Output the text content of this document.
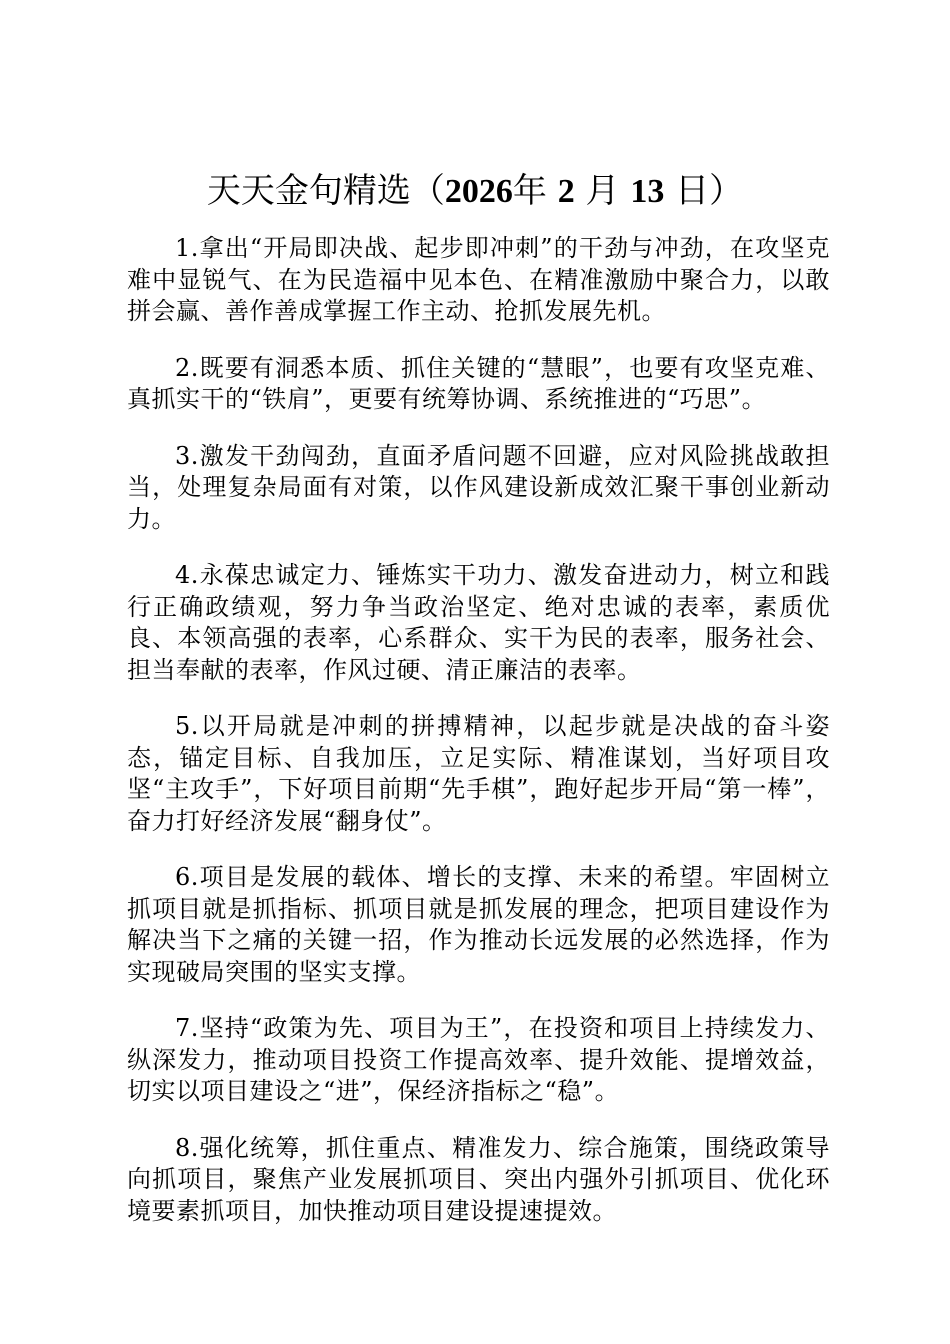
天天金句精选（2026年 2 月 13 日）

1.拿出“开局即决战、起步即冲刺”的干劲与冲劲，在攻坚克难中显锐气、在为民造福中见本色、在精准激励中聚合力，以敢拼会赢、善作善成掌握工作主动、抢抓发展先机。

2.既要有洞悉本质、抓住关键的“慧眼”，也要有攻坚克难、真抓实干的“铁肩”，更要有统筹协调、系统推进的“巧思”。

3.激发干劲闯劲，直面矛盾问题不回避，应对风险挑战敢担当，处理复杂局面有对策，以作风建设新成效汇聚干事创业新动力。

4.永葆忠诚定力、锤炼实干功力、激发奋进动力，树立和践行正确政绩观，努力争当政治坚定、绝对忠诚的表率，素质优良、本领高强的表率，心系群众、实干为民的表率，服务社会、担当奉献的表率，作风过硬、清正廉洁的表率。

5.以开局就是冲刺的拼搏精神，以起步就是决战的奋斗姿态，锚定目标、自我加压，立足实际、精准谋划，当好项目攻坚“主攻手”，下好项目前期“先手棋”，跑好起步开局“第一棒”，奋力打好经济发展“翻身仗”。

6.项目是发展的载体、增长的支撑、未来的希望。牢固树立抓项目就是抓指标、抓项目就是抓发展的理念，把项目建设作为解决当下之痛的关键一招，作为推动长远发展的必然选择，作为实现破局突围的坚实支撑。

7.坚持“政策为先、项目为王”，在投资和项目上持续发力、纵深发力，推动项目投资工作提高效率、提升效能、提增效益，切实以项目建设之“进”，保经济指标之“稳”。

8.强化统筹，抓住重点、精准发力、综合施策，围绕政策导向抓项目，聚焦产业发展抓项目、突出内强外引抓项目、优化环境要素抓项目，加快推动项目建设提速提效。
